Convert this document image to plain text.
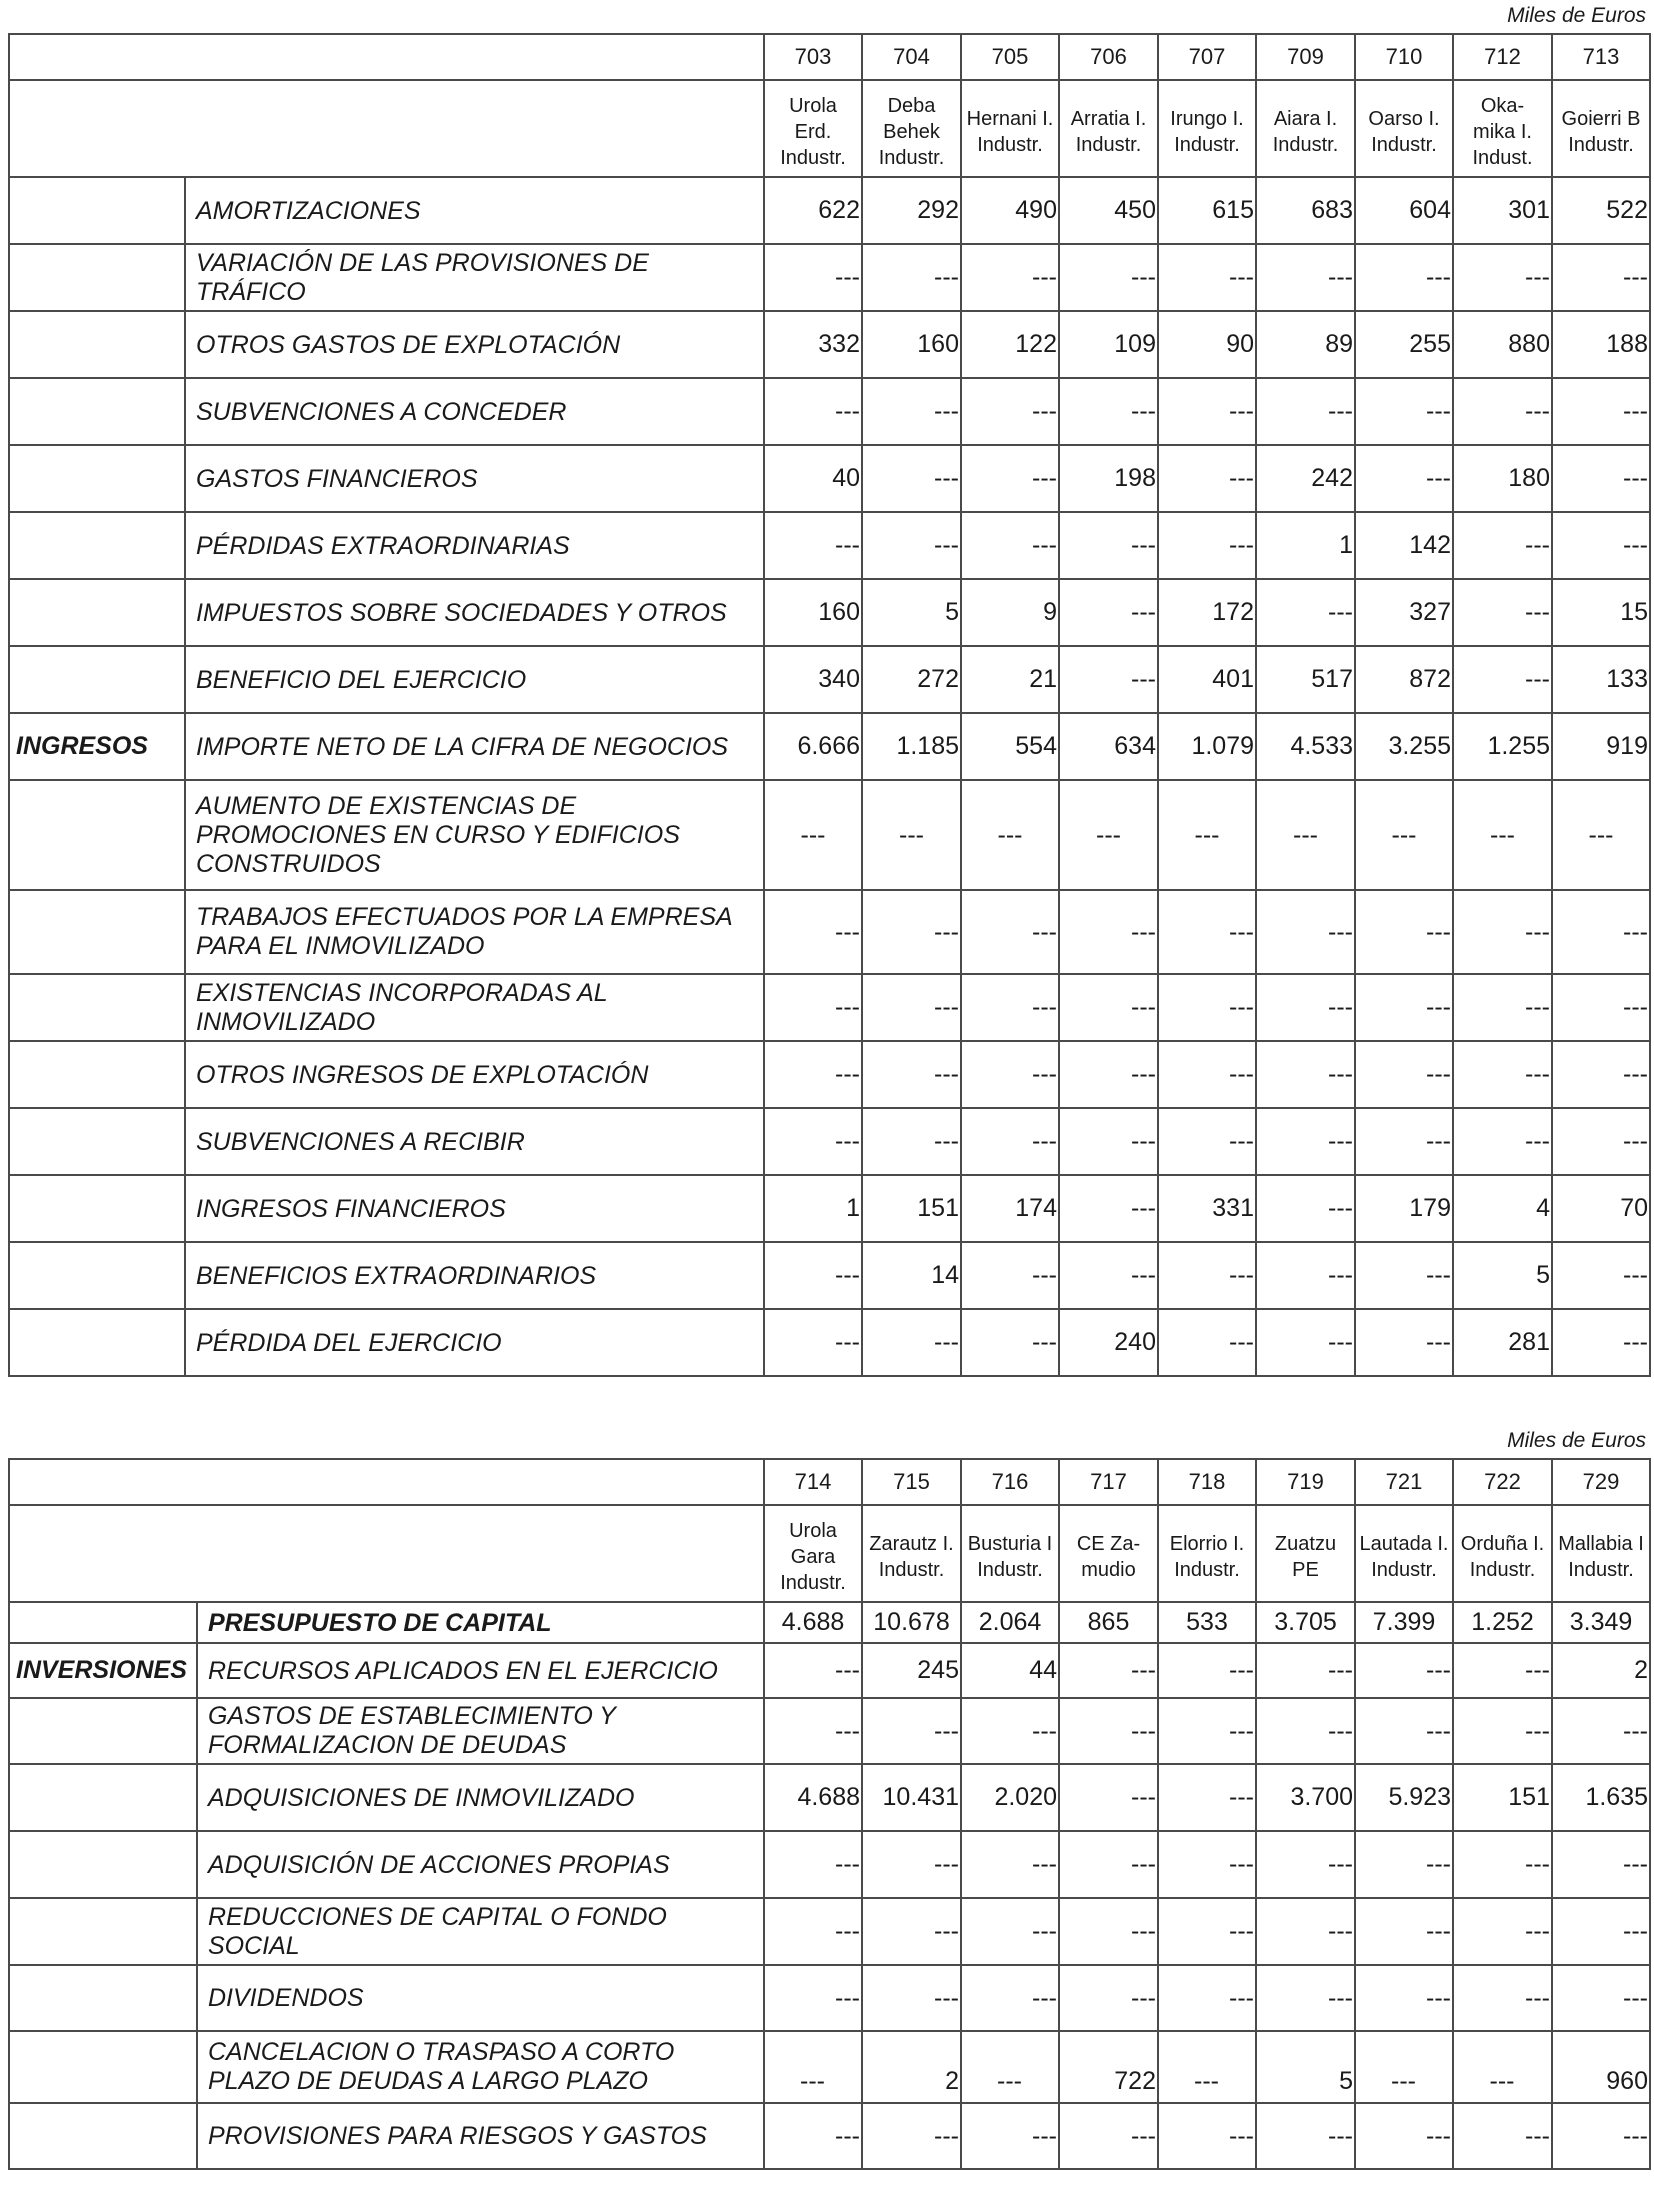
Miles de Euros
		703	704	705	706	707	709	710	712	713
		Urola
Erd.
Industr.	Deba
Behek
Industr.	Hernani I.
Industr.	Arratia I.
Industr.	Irungo I.
Industr.	Aiara I.
Industr.	Oarso I.
Industr.	Oka-
mika I.
Indust.	Goierri B
Industr.
	AMORTIZACIONES	622	292	490	450	615	683	604	301	522
	VARIACIÓN DE LAS PROVISIONES DE
TRÁFICO	---	---	---	---	---	---	---	---	---
	OTROS GASTOS DE EXPLOTACIÓN	332	160	122	109	90	89	255	880	188
	SUBVENCIONES A CONCEDER	---	---	---	---	---	---	---	---	---
	GASTOS FINANCIEROS	40	---	---	198	---	242	---	180	---
	PÉRDIDAS EXTRAORDINARIAS	---	---	---	---	---	1	142	---	---
	IMPUESTOS SOBRE SOCIEDADES Y OTROS	160	5	9	---	172	---	327	---	15
	BENEFICIO DEL EJERCICIO	340	272	21	---	401	517	872	---	133
INGRESOS	IMPORTE NETO DE LA CIFRA DE NEGOCIOS	6.666	1.185	554	634	1.079	4.533	3.255	1.255	919
	AUMENTO DE EXISTENCIAS DE
PROMOCIONES EN CURSO Y EDIFICIOS
CONSTRUIDOS	---	---	---	---	---	---	---	---	---
	TRABAJOS EFECTUADOS POR LA EMPRESA
PARA EL INMOVILIZADO	---	---	---	---	---	---	---	---	---
	EXISTENCIAS INCORPORADAS AL
INMOVILIZADO	---	---	---	---	---	---	---	---	---
	OTROS INGRESOS DE EXPLOTACIÓN	---	---	---	---	---	---	---	---	---
	SUBVENCIONES A RECIBIR	---	---	---	---	---	---	---	---	---
	INGRESOS FINANCIEROS	1	151	174	---	331	---	179	4	70
	BENEFICIOS EXTRAORDINARIOS	---	14	---	---	---	---	---	5	---
	PÉRDIDA DEL EJERCICIO	---	---	---	240	---	---	---	281	---
Miles de Euros
		714	715	716	717	718	719	721	722	729
		Urola
Gara
Industr.	Zarautz I.
Industr.	Busturia I
Industr.	CE Za-
mudio	Elorrio I.
Industr.	Zuatzu
PE	Lautada I.
Industr.	Orduña I.
Industr.	Mallabia I
Industr.
	PRESUPUESTO DE CAPITAL	4.688	10.678	2.064	865	533	3.705	7.399	1.252	3.349
INVERSIONES	RECURSOS APLICADOS EN EL EJERCICIO	---	245	44	---	---	---	---	---	2
	GASTOS DE ESTABLECIMIENTO Y
FORMALIZACION DE DEUDAS	---	---	---	---	---	---	---	---	---
	ADQUISICIONES DE INMOVILIZADO	4.688	10.431	2.020	---	---	3.700	5.923	151	1.635
	ADQUISICIÓN DE ACCIONES PROPIAS	---	---	---	---	---	---	---	---	---
	REDUCCIONES DE CAPITAL O FONDO
SOCIAL	---	---	---	---	---	---	---	---	---
	DIVIDENDOS	---	---	---	---	---	---	---	---	---
	CANCELACION O TRASPASO A CORTO
PLAZO DE DEUDAS A LARGO PLAZO	---	2	---	722	---	5	---	---	960
	PROVISIONES PARA RIESGOS Y GASTOS	---	---	---	---	---	---	---	---	---
